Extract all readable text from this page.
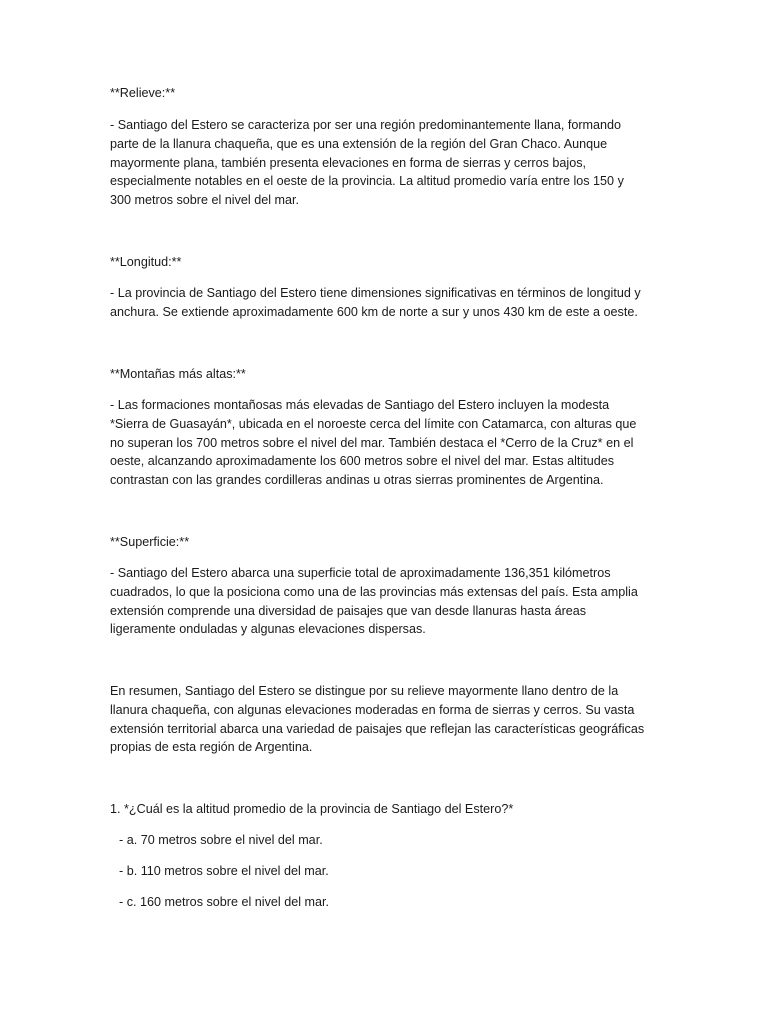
**Relieve:**
- Santiago del Estero se caracteriza por ser una región predominantemente llana, formando
parte de la llanura chaqueña, que es una extensión de la región del Gran Chaco. Aunque
mayormente plana, también presenta elevaciones en forma de sierras y cerros bajos,
especialmente notables en el oeste de la provincia. La altitud promedio varía entre los 150 y
300 metros sobre el nivel del mar.
**Longitud:**
- La provincia de Santiago del Estero tiene dimensiones significativas en términos de longitud y
anchura. Se extiende aproximadamente 600 km de norte a sur y unos 430 km de este a oeste.
**Montañas más altas:**
- Las formaciones montañosas más elevadas de Santiago del Estero incluyen la modesta
*Sierra de Guasayán*, ubicada en el noroeste cerca del límite con Catamarca, con alturas que
no superan los 700 metros sobre el nivel del mar. También destaca el *Cerro de la Cruz* en el
oeste, alcanzando aproximadamente los 600 metros sobre el nivel del mar. Estas altitudes
contrastan con las grandes cordilleras andinas u otras sierras prominentes de Argentina.
**Superficie:**
- Santiago del Estero abarca una superficie total de aproximadamente 136,351 kilómetros
cuadrados, lo que la posiciona como una de las provincias más extensas del país. Esta amplia
extensión comprende una diversidad de paisajes que van desde llanuras hasta áreas
ligeramente onduladas y algunas elevaciones dispersas.
En resumen, Santiago del Estero se distingue por su relieve mayormente llano dentro de la
llanura chaqueña, con algunas elevaciones moderadas en forma de sierras y cerros. Su vasta
extensión territorial abarca una variedad de paisajes que reflejan las características geográficas
propias de esta región de Argentina.
1. *¿Cuál es la altitud promedio de la provincia de Santiago del Estero?*
- a. 70 metros sobre el nivel del mar.
- b. 110 metros sobre el nivel del mar.
- c. 160 metros sobre el nivel del mar.
